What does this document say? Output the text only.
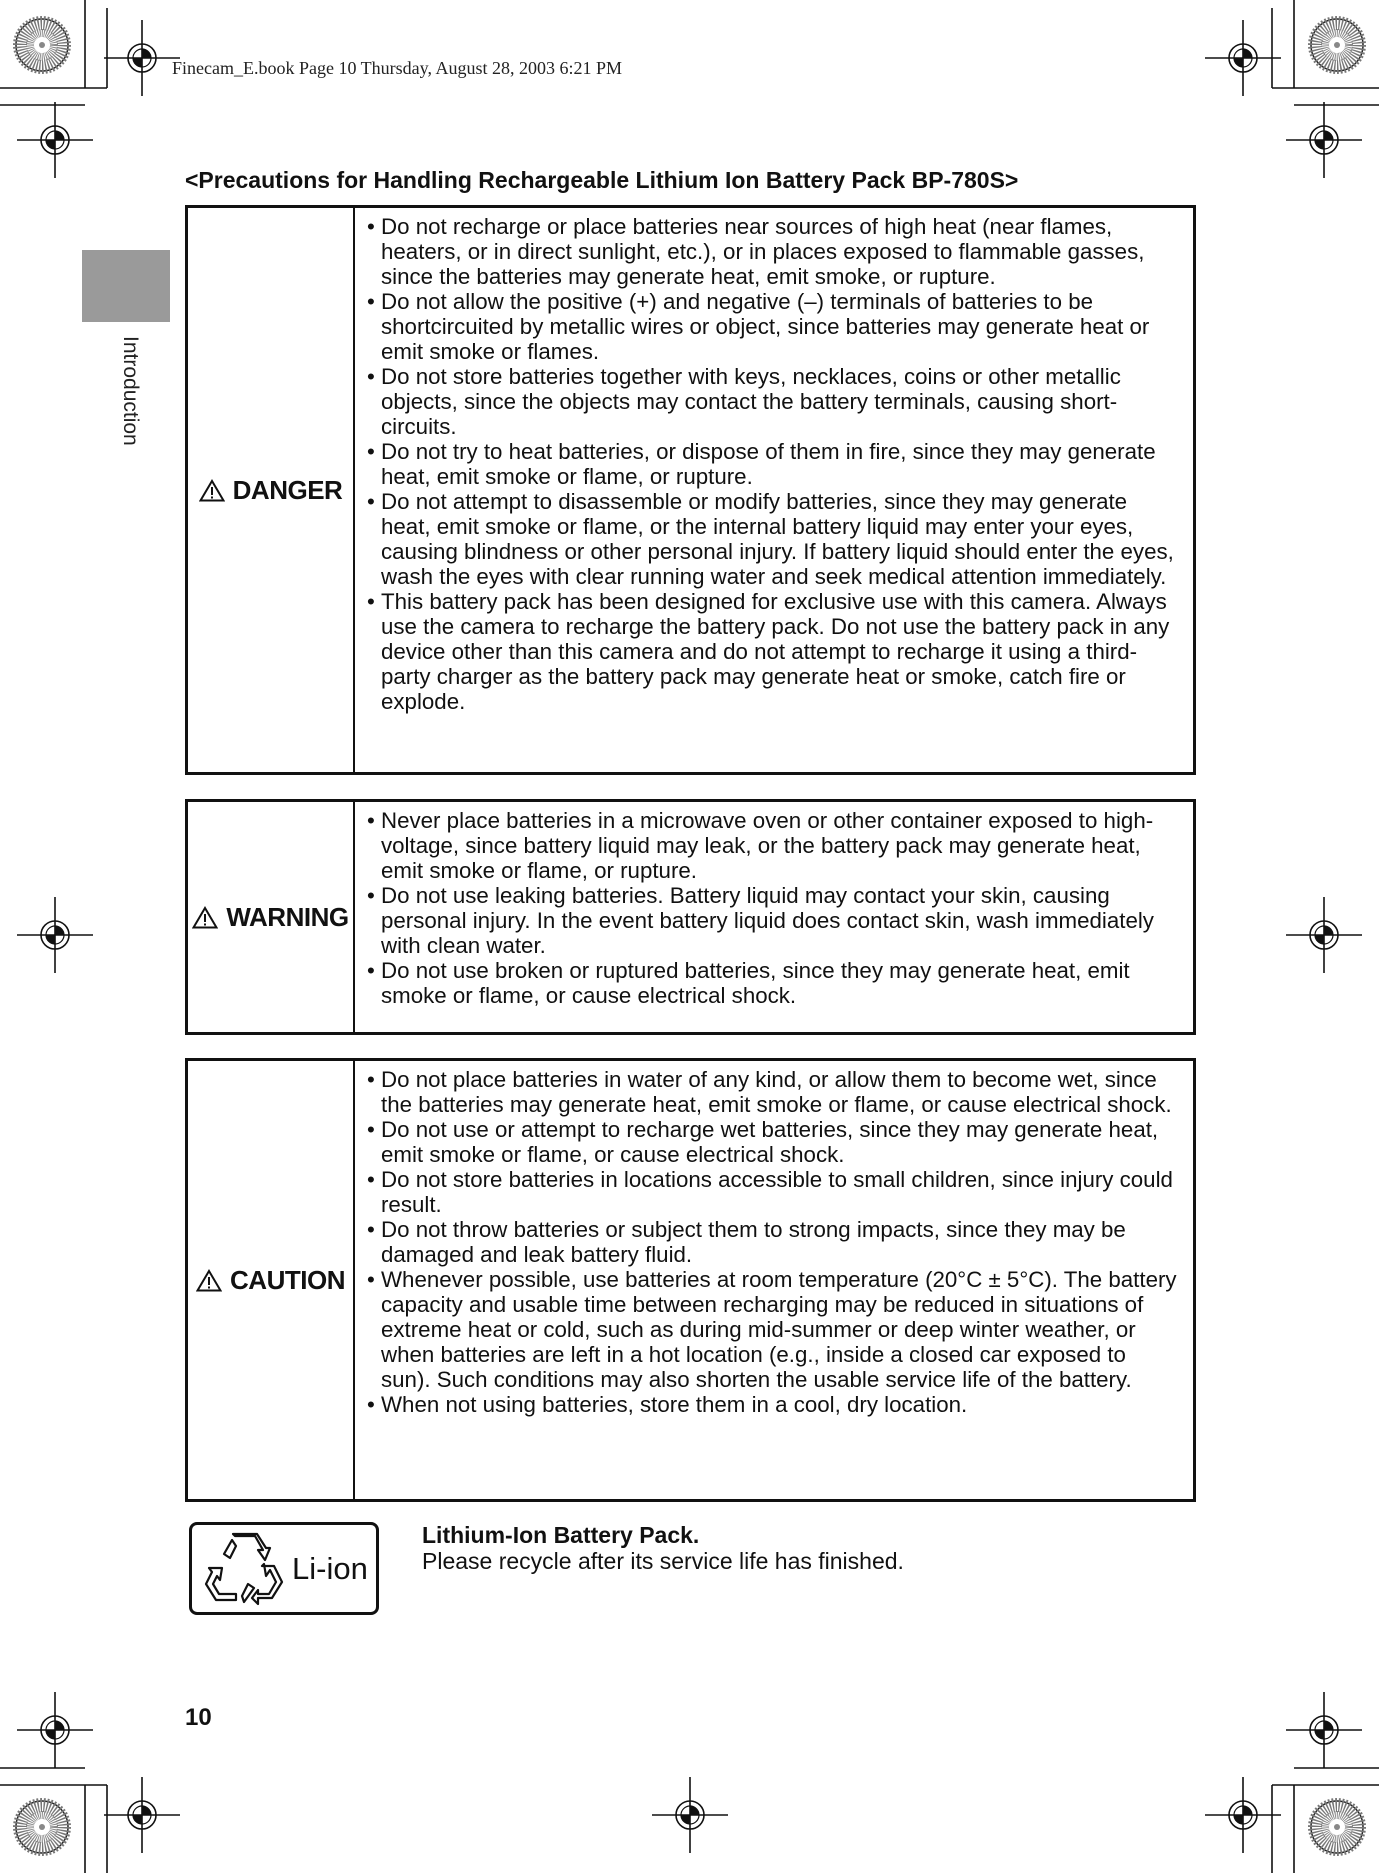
Finecam_E.book Page 10 Thursday, August 28, 2003 6:21 PM
Introduction
<Precautions for Handling Rechargeable Lithium Ion Battery Pack BP-780S>
DANGER
• Do not recharge or place batteries near sources of high heat (near flames, heaters, or in direct sunlight, etc.), or in places exposed to flammable gasses, since the batteries may generate heat, emit smoke, or rupture.
• Do not allow the positive (+) and negative (–) terminals of batteries to be shortcircuited by metallic wires or object, since batteries may generate heat or emit smoke or flames.
• Do not store batteries together with keys, necklaces, coins or other metallic objects, since the objects may contact the battery terminals, causing short-circuits.
• Do not try to heat batteries, or dispose of them in fire, since they may generate heat, emit smoke or flame, or rupture.
• Do not attempt to disassemble or modify batteries, since they may generate heat, emit smoke or flame, or the internal battery liquid may enter your eyes, causing blindness or other personal injury. If battery liquid should enter the eyes, wash the eyes with clear running water and seek medical attention immediately.
• This battery pack has been designed for exclusive use with this camera. Always use the camera to recharge the battery pack. Do not use the battery pack in any device other than this camera and do not attempt to recharge it using a third-party charger as the battery pack may generate heat or smoke, catch fire or explode.
WARNING
• Never place batteries in a microwave oven or other container exposed to high-voltage, since battery liquid may leak, or the battery pack may generate heat, emit smoke or flame, or rupture.
• Do not use leaking batteries. Battery liquid may contact your skin, causing personal injury. In the event battery liquid does contact skin, wash immediately with clean water.
• Do not use broken or ruptured batteries, since they may generate heat, emit smoke or flame, or cause electrical shock.
CAUTION
• Do not place batteries in water of any kind, or allow them to become wet, since the batteries may generate heat, emit smoke or flame, or cause electrical shock.
• Do not use or attempt to recharge wet batteries, since they may generate heat, emit smoke or flame, or cause electrical shock.
• Do not store batteries in locations accessible to small children, since injury could result.
• Do not throw batteries or subject them to strong impacts, since they may be damaged and leak battery fluid.
• Whenever possible, use batteries at room temperature (20°C ± 5°C). The battery capacity and usable time between recharging may be reduced in situations of extreme heat or cold, such as during mid-summer or deep winter weather, or when batteries are left in a hot location (e.g., inside a closed car exposed to sun). Such conditions may also shorten the usable service life of the battery.
• When not using batteries, store them in a cool, dry location.
Li-ion
Lithium-Ion Battery Pack.
Please recycle after its service life has finished.
10
